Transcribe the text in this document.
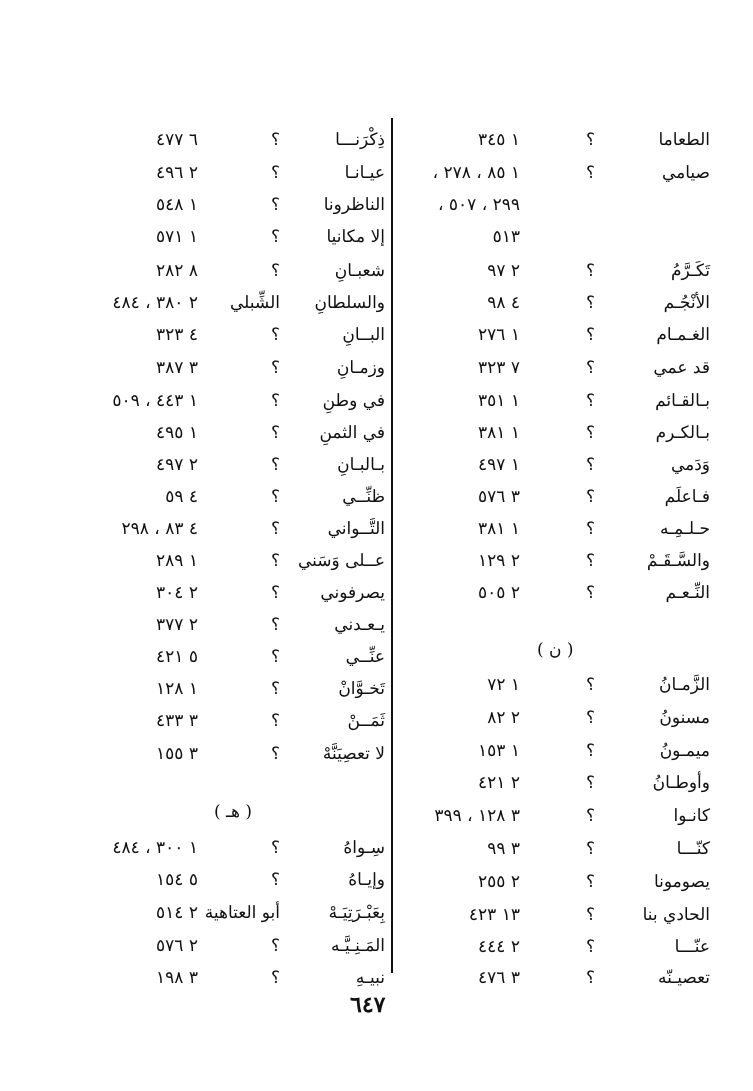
الطعاما
؟
١ ٣٤٥
صيامي
؟
١ ٨٥ ، ٢٧٨ ،
٢٩٩ ، ٥٠٧ ،
٥١٣
تَكَـرَّمُ
؟
٢ ٩٧
الأنْجُـم
؟
٤ ٩٨
الغـمـام
؟
١ ٢٧٦
قد عمي
؟
٧ ٣٢٣
بـالقـائم
؟
١ ٣٥١
بـالكـرم
؟
١ ٣٨١
وَدَمي
؟
١ ٤٩٧
فـاعلَم
؟
٣ ٥٧٦
حـلـمِـه
؟
١ ٣٨١
والسَّـقَـمْ
؟
٢ ١٢٩
النِّـعـم
؟
٢ ٥٠٥
الزَّمـانُ
؟
١ ٧٢
مسنونُ
؟
٢ ٨٢
ميمـونُ
؟
١ ١٥٣
وأوطـانُ
؟
٢ ٤٢١
كانـوا
؟
٣ ١٢٨ ، ٣٩٩
كنّـــا
؟
٣ ٩٩
يصومونا
؟
٢ ٢٥٥
الحادي بنا
؟
١٣ ٤٢٣
عنّـــا
؟
٢ ٤٤٤
تعصيـنّه
؟
٣ ٤٧٦
ذِكْرَنـــا
؟
٦ ٤٧٧
عيـانـا
؟
٢ ٤٩٦
الناظرونا
؟
١ ٥٤٨
إلا مكانيا
؟
١ ٥٧١
شعبـانِ
؟
٨ ٢٨٢
والسلطانِ
الشِّبلي
٢ ٣٨٠ ، ٤٨٤
البــانِ
؟
٤ ٣٢٣
وزمـانِ
؟
٣ ٣٨٧
في وطنِ
؟
١ ٤٤٣ ، ٥٠٩
في الثمنِ
؟
١ ٤٩٥
بـالبـانِ
؟
٢ ٤٩٧
ظنِّــي
؟
٤ ٥٩
التَّــواني
؟
٤ ٨٣ ، ٢٩٨
عــلى وَسَني
؟
١ ٢٨٩
يصرفوني
؟
٢ ٣٠٤
يـعـدني
؟
٢ ٣٧٧
عنِّــي
؟
٥ ٤٢١
تَخـوَّانْ
؟
١ ١٢٨
ثَمَــنْ
؟
٣ ٤٣٣
لا تعصِيَنَّهْ
؟
٣ ١٥٥
سِـواهُ
؟
١ ٣٠٠ ، ٤٨٤
وإيـاهُ
؟
٥ ١٥٤
بِعَبْـرَتِيَـهْ
أبو العتاهية
٢ ٥١٤
المَـنِـيَّـه
؟
٢ ٥٧٦
نبيـهِ
؟
٣ ١٩٨
( ن )
( هـ )
٦٤٧
